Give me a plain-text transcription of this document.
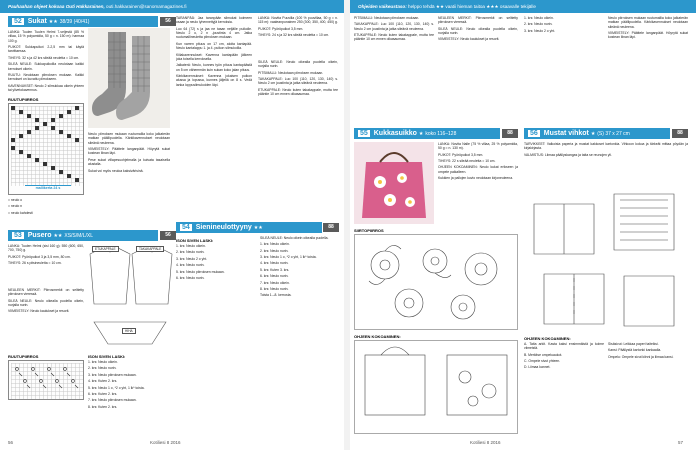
Pauhaahan ohjeet kokoaa Outi Hakkarainen, outi.hakkarainen@sanomamagazines.fi	Ohjeiden vaikeustaso: helppo tehdä ★★ vaatii hieman taitoa ★★★ osaavalle tekijälle
52 Sukat ★★ 38/39 (40/41)	56

LANKA: Tuulen Tuulen Helmi 7-veljestä (85 % villaa, 15 % polyamidia, 50 g = n. 150 m): harmaa 100 g.

PUIKOT: Sukkapuikot 2-2,5 mm tai käytä tarvittaessa.

TIHEYS: 32 s ja 42 krs sileää neuletta = 10 cm.

SILEÄ NEULE: Sukkapuikoilla neulotaan kaikki kerrokset oikein.

RUUTU: Neulotaan piirroksen mukaan. Kaikki kerrokset on kuvattu piirrokseen.

KAVENNUKSET: Neulo 2 silmukkaa oikein yhteen tai ylivetokavennus.

RUUTUPIIRROS
mallikerta 24 s

= neulo o

= neulo n

= neulo kahdesti

Neulo piirroksen mukaan ruutumallia koko jalkaterän matkan päällipuolella. Kärkikavennukset neulotaan sileänä neuleena.

VIIMEISTELY: Päättele langanpäät. Höyrytä sukat kostean liinan läpi.

Pese sukat villapesuohjelmalla ja kuivata tasaisella alustalla.

Sukat voi myös neuloa kaksivärisinä.

TARANPÄÄ: Jaa taranpään silmukat kolmeen osaan ja neulo lyhennettyjä kerroksia.

Luo 64 (72) s ja jaa ne tasan neljälle puikolle. Neulo 2 o, 2 n -joustinta 4 cm. Jatka ruutumallineuletta piirroksen mukaan.

Kun varren pituus on 17 cm, aloita kantapää. Neulo kantalappu 1. ja 4. puikon silmukoilla.

Kiilakavennukset: Kavenna kantapään jälkeen joka toisella kerroksella.

Jalkaterä: Neulo, kunnes työn pituus kantapäästä on 5 cm vähemmän kuin sukan koko jalan pituus.

Kärkikavennukset: Kavenna jokaisen puikon alussa ja lopussa, kunnes jäljellä on 8 s. Vedä lanka loppusilmukoiden läpi.

LANKA: Novita Puuvilla (100 % puuvillaa, 50 g = n. 115 m): vaaleanpunainen 250 (300, 350, 400, 450) g.

PUIKOT: Pyöröpuikot 3,5 mm.

TIHEYS: 24 s ja 32 krs sileää neuletta = 10 cm.

54 Sienineulottyyny ★★	88

SILEÄ NEULE: Neulo oikealla puolella oikein, nurjalla nurin.

PITSIMALLI: Neulotaan piirroksen mukaan.

TAKAKAPPALE: Luo 100 (110, 120, 130, 140) s. Neulo 2 cm joustinta ja jatka sileänä neuleena.

ETUKAPPALE: Neulo kuten takakappale, mutta tee pääntie 10 cm ennen olkasaumaa.

53 Pusero ★★ XS/S/M/L/XL	56

LANKA: Tuulen Helmi (sisl 160 g): 550 (600, 650, 700, 750) g.

PUIKOT: Pyöröpuikot 3 ja 3,5 mm, 80 cm.

TIHEYS: 26 s pitsineuletta = 10 cm.

ETUKAPPALE	TAKAKAPPALE
HIHA
RUUTUPIIRROS

NEULEEN MERKIT: Piirrosmerkit on selitetty piirroksen vieressä.

SILEÄ NEULE: Neulo oikealla puolella oikein, nurjalla nurin.

VIIMEISTELY: Neulo kaulukset ja resorit.

ISON SIVEN LASKI:

1. krs: Neulo oikein.

2. krs: Neulo nurin.

3. krs: Neulo piirroksen mukaan.

4. krs: Kuten 2. krs.

5. krs: Neulo 1 o, *2 o yht, 1 lk* toista.

6. krs: Kuten 2. krs.

7. krs: Neulo piirroksen mukaan.

8. krs: Kuten 2. krs.

ISON SIVEN LASKI:

1. krs: Neulo oikein.

2. krs: Neulo nurin.

3. krs: Neulo 2 o yht.

4. krs: Neulo nurin.

5. krs: Neulo piirroksen mukaan.

6. krs: Neulo nurin.

SILEÄ NEULE: Neulo oikein oikealla puolella.

1. krs: Neulo oikein.

2. krs: Neulo nurin.

3. krs: Neulo 1 o, *2 o yht, 1 lk* toista.

4. krs: Neulo nurin.

5. krs: Kuten 3. krs.

6. krs: Neulo nurin.

7. krs: Neulo oikein.

8. krs: Neulo nurin.

Toista 1.–8. kerrosta.

PITSIMALLI: Neulotaan piirroksen mukaan.

TAKAKAPPALE: Luo 100 (110, 120, 130, 140) s. Neulo 2 cm joustinta ja jatka sileänä neuleena.

ETUKAPPALE: Neulo kuten takakappale, mutta tee pääntie 10 cm ennen olkasaumaa.

NEULEEN MERKIT: Piirrosmerkit on selitetty piirroksen vieressä.

SILEÄ NEULE: Neulo oikealla puolella oikein, nurjalla nurin.

VIIMEISTELY: Neulo kaulukset ja resorit.

55 Kukkasuikko ★ koko 116–128	88

LANKA: Novita Nalle (75 % villaa, 25 % polyamidia, 50 g = n. 130 m).

PUIKOT: Pyöröpuikot 3,5 mm.

TIHEYS: 22 s sileää neuletta = 10 cm.

OHJEEN KOKOAMINEN: Neulo kukat erikseen ja ompele paikalleen.

Kukkien ja pallojen kuvio neulotaan kirjoneuleena.

SIIRTOPIIRROS
OHJEEN KOKOAMINEN:
56 Mustat vihkot ★ (S) 37 x 27 cm	88

1. krs: Neulo oikein.

2. krs: Neulo nurin.

3. krs: Neulo 2 o yht.

Neulo piirroksen mukaan ruutumallia koko jalkaterän matkan päällipuolella. Kärkikavennukset neulotaan sileänä neuleena.

VIIMEISTELY: Päättele langanpäät. Höyrytä sukat kostean liinan läpi.

TARVIKKEET: Valkoista paperia ja mustat kakkoset kartonkia. Vihkoon kokoa ja tärkeät mittaa pöydän ja kirjakirjasta.

VALMISTUS: Liimaa päällyskangas ja taita se reunojen yli.

OHJEEN KOKOAMINEN:

A. Taita arkit. Kasta kaksi ensimmäistä ja kolme viimeistä.

B. Merkitse ompeluaukot.

C. Ompele sivut yhteen.

D. Liimaa kannet.

Sisäsivut: Leikkaa paperi taiteiksi.

Kansi: Päällystä kartonki kankaalla.

Ompelu: Ompele sivut kiinni ja liimaa kansi.

56	Kotiliesi 8 2016	Kotiliesi 8 2016	57
